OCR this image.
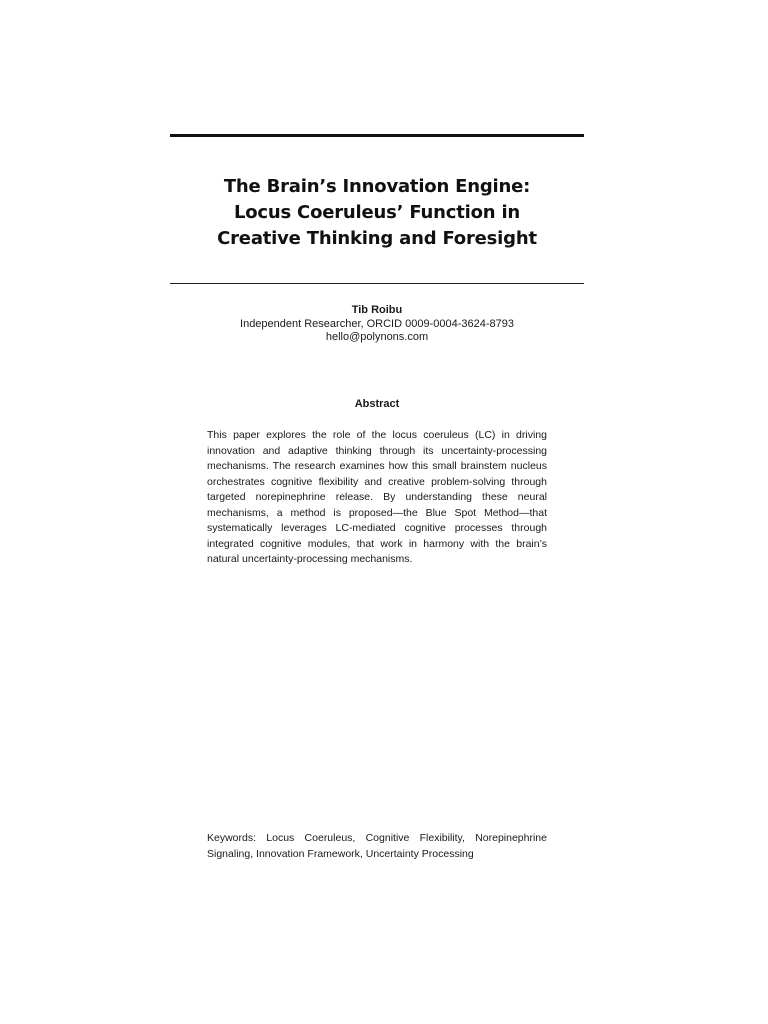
The Brain’s Innovation Engine:
Locus Coeruleus’ Function in
Creative Thinking and Foresight
Tib Roibu
Independent Researcher, ORCID 0009-0004-3624-8793
hello@polynons.com
Abstract

This paper explores the role of the locus coeruleus (LC) in driving innovation and adaptive thinking through its uncertainty-processing mechanisms. The research examines how this small brainstem nucleus orchestrates cognitive flexibility and creative problem-solving through targeted norepinephrine release. By understanding these neural mechanisms, a method is proposed—the Blue Spot Method—that systematically leverages LC-mediated cognitive processes through integrated cognitive modules, that work in harmony with the brain’s natural uncertainty-processing mechanisms.

Keywords: Locus Coeruleus, Cognitive Flexibility, Norepinephrine Signaling, Innovation Framework, Uncertainty Processing
